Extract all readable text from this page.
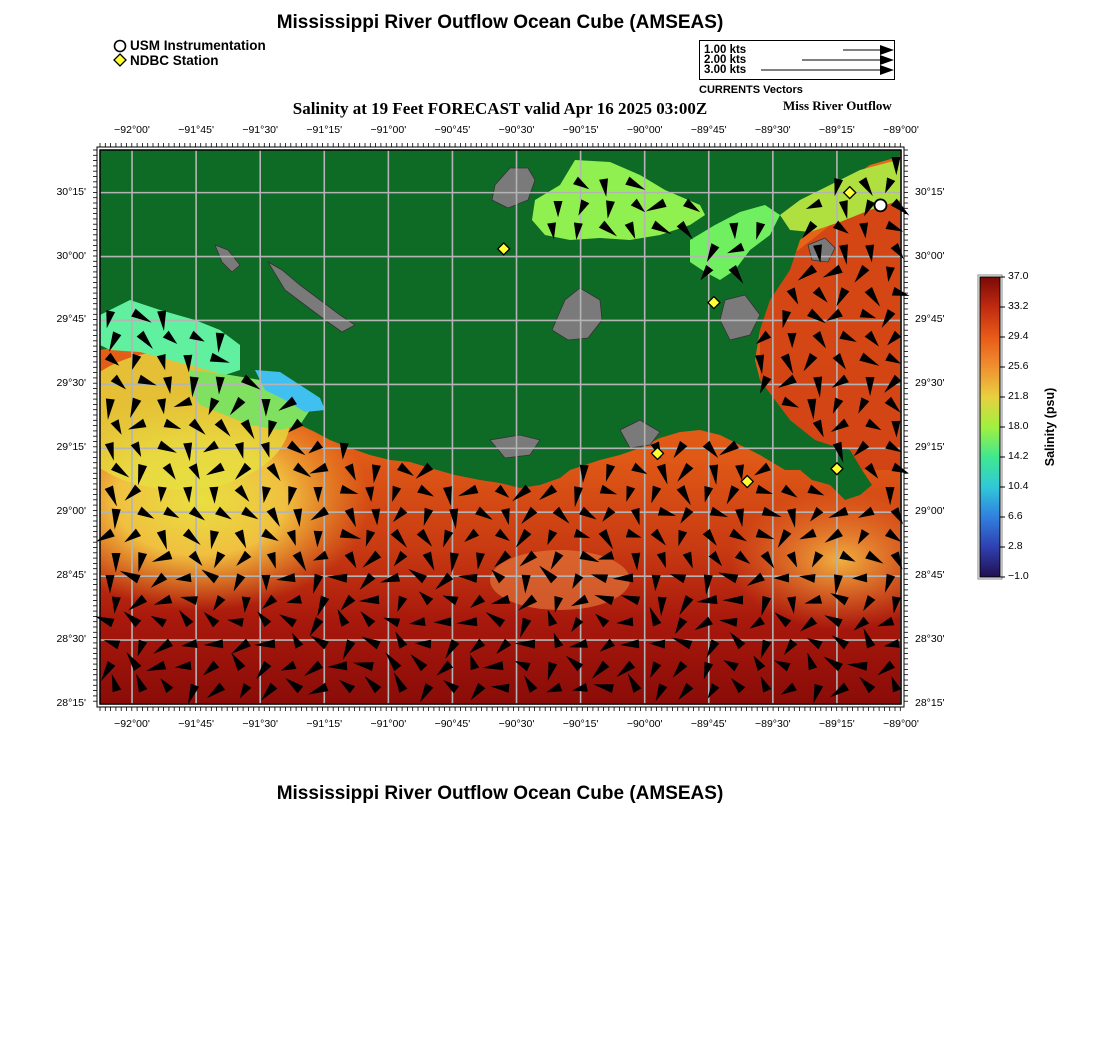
Mississippi River Outflow Ocean Cube (AMSEAS)
USM Instrumentation
NDBC Station
1.00 kts
2.00 kts
3.00 kts
CURRENTS Vectors
Salinity at 19 Feet FORECAST valid Apr 16 2025 03:00Z	Miss River Outflow
−92°00'	−91°45'	−91°30'	−91°15'	−91°00'	−90°45'	−90°30'	−90°15'	−90°00'	−89°45'	−89°30'	−89°15'	−89°00'
−92°00'	−91°45'	−91°30'	−91°15'	−91°00'	−90°45'	−90°30'	−90°15'	−90°00'	−89°45'	−89°30'	−89°15'	−89°00'
30°15'
30°00'
29°45'
29°30'
29°15'
29°00'
28°45'
28°30'
28°15'
30°15'
30°00'
29°45'
29°30'
29°15'
29°00'
28°45'
28°30'
28°15'
37.0
33.2
29.4
25.6
21.8
18.0
14.2
10.4
6.6
2.8
−1.0
Salinity (psu)
Mississippi River Outflow Ocean Cube (AMSEAS)
